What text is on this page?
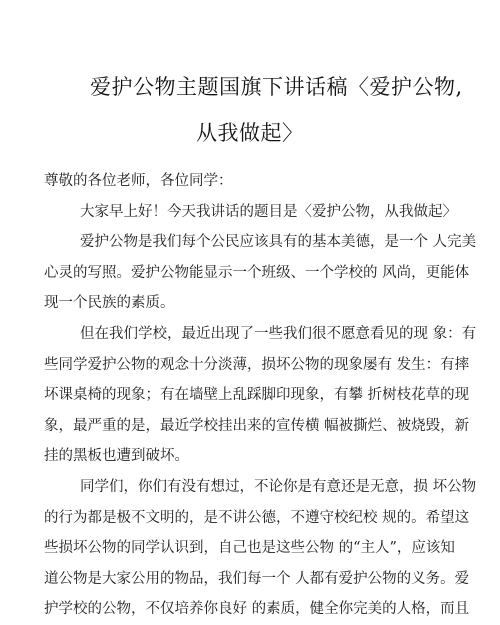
爱护公物主题国旗下讲话稿〈爱护公物,
从我做起〉
尊敬的各位老师，各位同学：
大家早上好！今天我讲话的题目是〈爱护公物，从我做起〉
爱护公物是我们每个公民应该具有的基本美德，是一个 人完美
心灵的写照。爱护公物能显示一个班级、一个学校的 风尚，更能体
现一个民族的素质。
但在我们学校，最近出现了一些我们很不愿意看见的现 象：有
些同学爱护公物的观念十分淡薄，损坏公物的现象屡有 发生：有摔
坏课桌椅的现象；有在墙壁上乱踩脚印现象，有攀 折树枝花草的现
象，最严重的是，最近学校挂出来的宣传横 幅被撕烂、被烧毁，新
挂的黑板也遭到破坏。
同学们，你们有没有想过，不论你是有意还是无意，损 坏公物
的行为都是极不文明的，是不讲公德，不遵守校纪校 规的。希望这
些损坏公物的同学认识到，自己也是这些公物 的“主人”，应该知
道公物是大家公用的物品，我们每一个 人都有爱护公物的义务。爱
护学校的公物，不仅培养你良好 的素质，健全你完美的人格，而且
